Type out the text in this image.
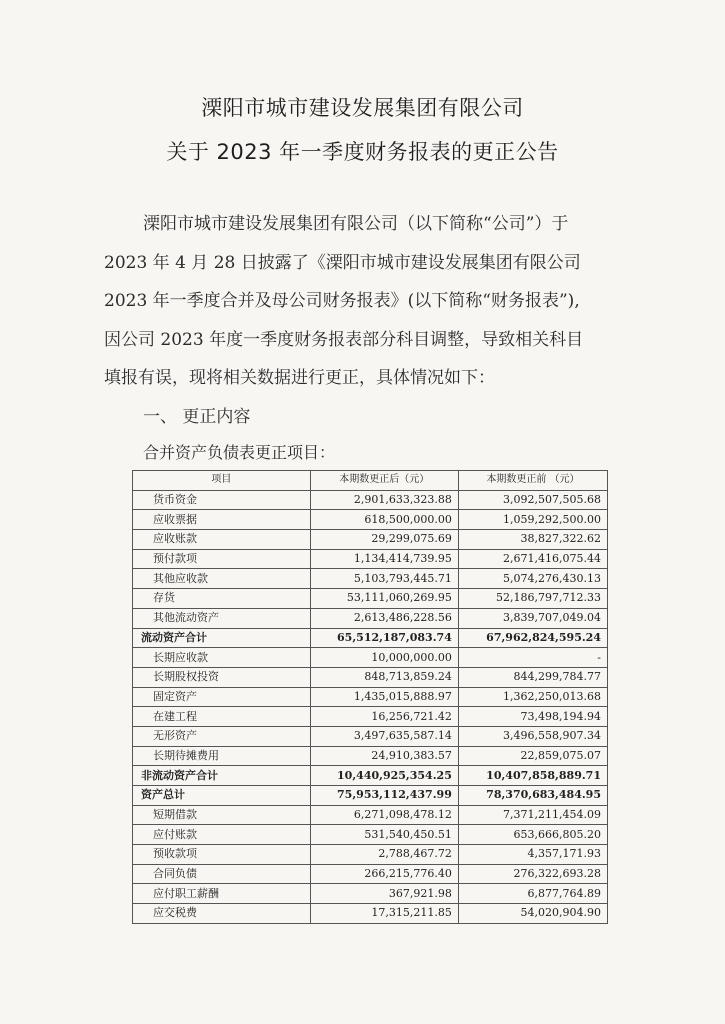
溧阳市城市建设发展集团有限公司
关于 2023 年一季度财务报表的更正公告
溧阳市城市建设发展集团有限公司（以下简称“公司”）于
2023 年 4 月 28 日披露了《溧阳市城市建设发展集团有限公司
2023 年一季度合并及母公司财务报表》(以下简称“财务报表”),
因公司 2023 年度一季度财务报表部分科目调整，导致相关科目
填报有误，现将相关数据进行更正，具体情况如下：
一、 更正内容
合并资产负债表更正项目：
项目	本期数更正后（元）	本期数更正前 （元）
货币资金	2,901,633,323.88	3,092,507,505.68
应收票据	618,500,000.00	1,059,292,500.00
应收账款	29,299,075.69	38,827,322.62
预付款项	1,134,414,739.95	2,671,416,075.44
其他应收款	5,103,793,445.71	5,074,276,430.13
存货	53,111,060,269.95	52,186,797,712.33
其他流动资产	2,613,486,228.56	3,839,707,049.04
流动资产合计	65,512,187,083.74	67,962,824,595.24
长期应收款	10,000,000.00	-
长期股权投资	848,713,859.24	844,299,784.77
固定资产	1,435,015,888.97	1,362,250,013.68
在建工程	16,256,721.42	73,498,194.94
无形资产	3,497,635,587.14	3,496,558,907.34
长期待摊费用	24,910,383.57	22,859,075.07
非流动资产合计	10,440,925,354.25	10,407,858,889.71
资产总计	75,953,112,437.99	78,370,683,484.95
短期借款	6,271,098,478.12	7,371,211,454.09
应付账款	531,540,450.51	653,666,805.20
预收款项	2,788,467.72	4,357,171.93
合同负债	266,215,776.40	276,322,693.28
应付职工薪酬	367,921.98	6,877,764.89
应交税费	17,315,211.85	54,020,904.90
